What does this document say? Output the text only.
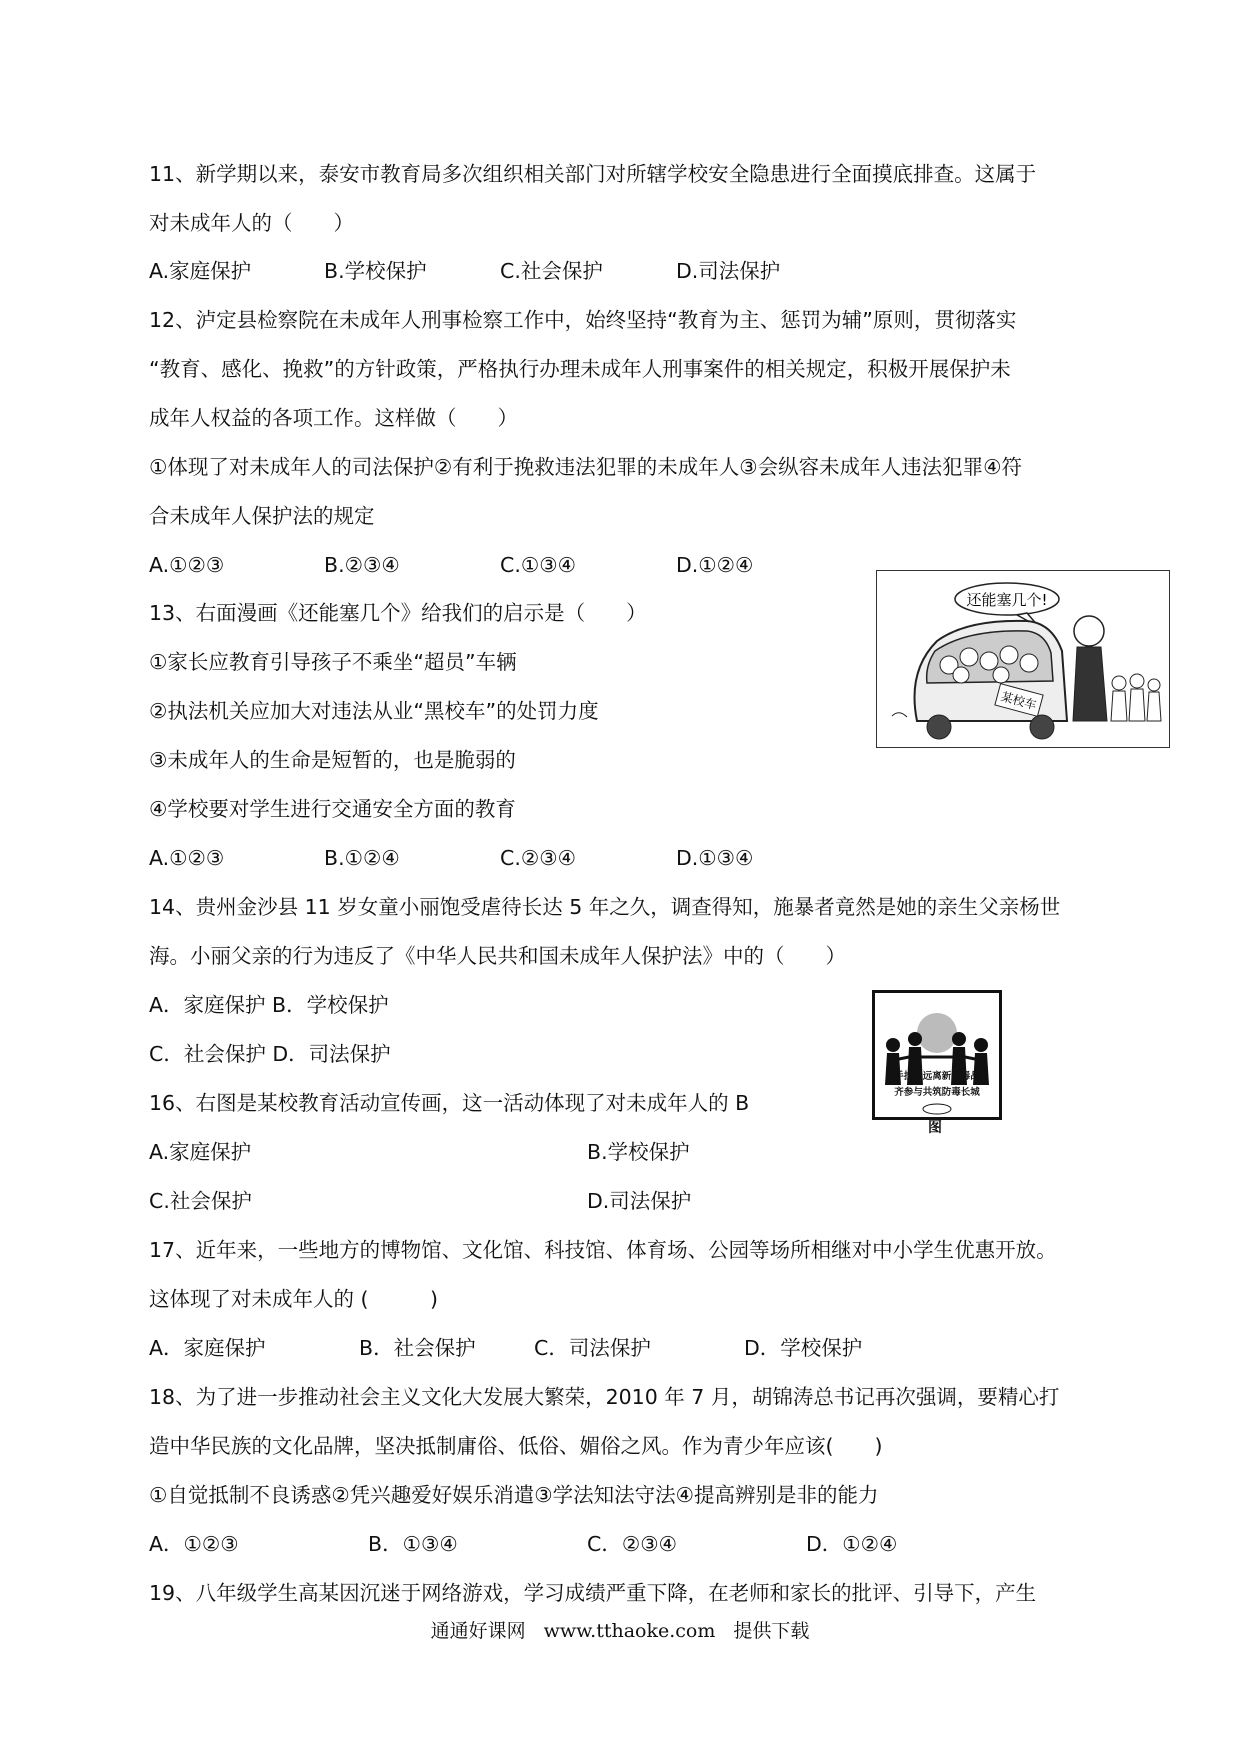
11、新学期以来，泰安市教育局多次组织相关部门对所辖学校安全隐患进行全面摸底排查。这属于
对未成年人的（　　）
A.家庭保护	B.学校保护	C.社会保护	D.司法保护
12、泸定县检察院在未成年人刑事检察工作中，始终坚持“教育为主、惩罚为辅”原则，贯彻落实
“教育、感化、挽救”的方针政策，严格执行办理未成年人刑事案件的相关规定，积极开展保护未
成年人权益的各项工作。这样做（　　）
①体现了对未成年人的司法保护②有利于挽救违法犯罪的未成年人③会纵容未成年人违法犯罪④符
合未成年人保护法的规定
A.①②③	B.②③④	C.①③④	D.①②④
还能塞几个!
某校车
13、右面漫画《还能塞几个》给我们的启示是（　　）
①家长应教育引导孩子不乘坐“超员”车辆
②执法机关应加大对违法从业“黑校车”的处罚力度
③未成年人的生命是短暂的，也是脆弱的
④学校要对学生进行交通安全方面的教育
A.①②③	B.①②④	C.②③④	D.①③④
14、贵州金沙县 11 岁女童小丽饱受虐待长达 5 年之久，调查得知，施暴者竟然是她的亲生父亲杨世
海。小丽父亲的行为违反了《中华人民共和国未成年人保护法》中的（　　）
A．家庭保护 B．学校保护
C．社会保护 D．司法保护
手拉手远离新型毒品
齐参与共筑防毒长城
图
16、右图是某校教育活动宣传画，这一活动体现了对未成年人的 B
A.家庭保护	B.学校保护
C.社会保护	D.司法保护
17、近年来，一些地方的博物馆、文化馆、科技馆、体育场、公园等场所相继对中小学生优惠开放。
这体现了对未成年人的 (　　　)
A．家庭保护	B．社会保护	C．司法保护	D．学校保护
18、为了进一步推动社会主义文化大发展大繁荣，2010 年 7 月，胡锦涛总书记再次强调，要精心打
造中华民族的文化品牌，坚决抵制庸俗、低俗、媚俗之风。作为青少年应该(　　)
①自觉抵制不良诱惑②凭兴趣爱好娱乐消遣③学法知法守法④提高辨别是非的能力
A．①②③	B．①③④	C．②③④	D．①②④
19、八年级学生高某因沉迷于网络游戏，学习成绩严重下降，在老师和家长的批评、引导下，产生
通通好课网 www.tthaoke.com 提供下载
